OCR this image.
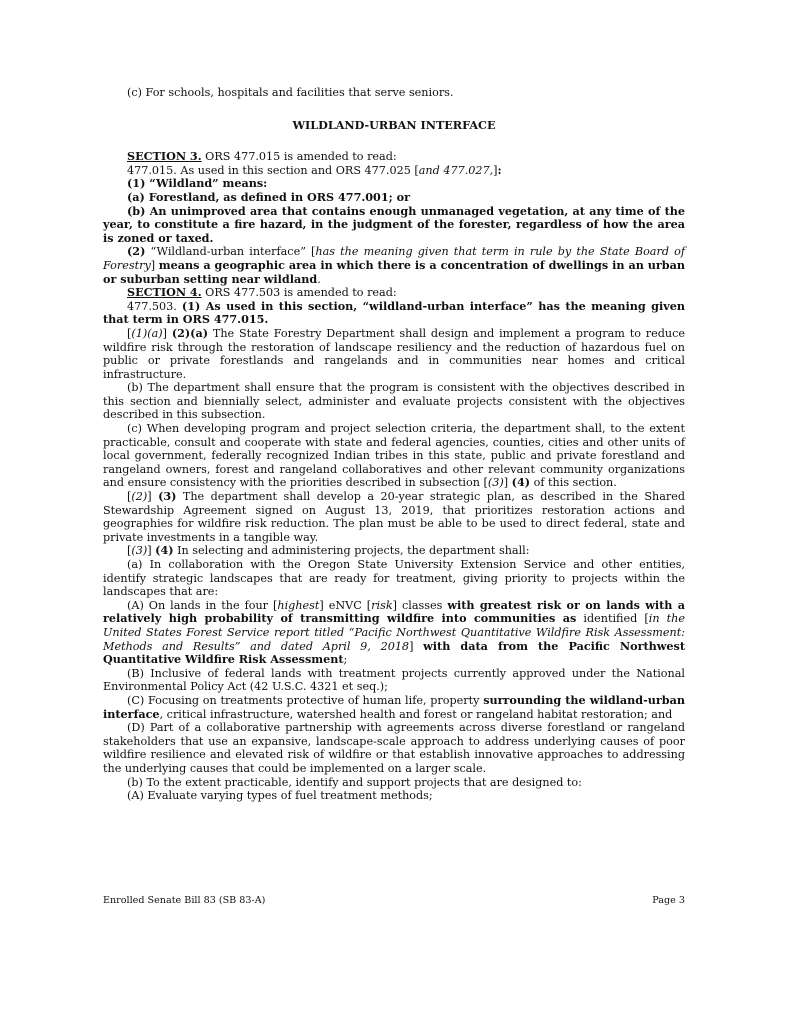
(c) For schools, hospitals and facilities that serve seniors.

WILDLAND-URBAN INTERFACE

SECTION 3. ORS 477.015 is amended to read:

477.015. As used in this section and ORS 477.025 [and 477.027,]:

(1) “Wildland” means:

(a) Forestland, as defined in ORS 477.001; or

(b) An unimproved area that contains enough unmanaged vegetation, at any time of the year, to constitute a fire hazard, in the judgment of the forester, regardless of how the area is zoned or taxed.

(2) “Wildland-urban interface” [has the meaning given that term in rule by the State Board of Forestry] means a geographic area in which there is a concentration of dwellings in an urban or suburban setting near wildland.

SECTION 4. ORS 477.503 is amended to read:

477.503. (1) As used in this section, “wildland-urban interface” has the meaning given that term in ORS 477.015.

[(1)(a)] (2)(a) The State Forestry Department shall design and implement a program to reduce wildfire risk through the restoration of landscape resiliency and the reduction of hazardous fuel on public or private forestlands and rangelands and in communities near homes and critical infrastructure.

(b) The department shall ensure that the program is consistent with the objectives described in this section and biennially select, administer and evaluate projects consistent with the objectives described in this subsection.

(c) When developing program and project selection criteria, the department shall, to the extent practicable, consult and cooperate with state and federal agencies, counties, cities and other units of local government, federally recognized Indian tribes in this state, public and private forestland and rangeland owners, forest and rangeland collaboratives and other relevant community organizations and ensure consistency with the priorities described in subsection [(3)] (4) of this section.

[(2)] (3) The department shall develop a 20-year strategic plan, as described in the Shared Stewardship Agreement signed on August 13, 2019, that prioritizes restoration actions and geographies for wildfire risk reduction. The plan must be able to be used to direct federal, state and private investments in a tangible way.

[(3)] (4) In selecting and administering projects, the department shall:

(a) In collaboration with the Oregon State University Extension Service and other entities, identify strategic landscapes that are ready for treatment, giving priority to projects within the landscapes that are:

(A) On lands in the four [highest] eNVC [risk] classes with greatest risk or on lands with a relatively high probability of transmitting wildfire into communities as identified [in the United States Forest Service report titled “Pacific Northwest Quantitative Wildfire Risk Assessment: Methods and Results” and dated April 9, 2018] with data from the Pacific Northwest Quantitative Wildfire Risk Assessment;

(B) Inclusive of federal lands with treatment projects currently approved under the National Environmental Policy Act (42 U.S.C. 4321 et seq.);

(C) Focusing on treatments protective of human life, property surrounding the wildland-urban interface, critical infrastructure, watershed health and forest or rangeland habitat restoration; and

(D) Part of a collaborative partnership with agreements across diverse forestland or rangeland stakeholders that use an expansive, landscape-scale approach to address underlying causes of poor wildfire resilience and elevated risk of wildfire or that establish innovative approaches to addressing the underlying causes that could be implemented on a larger scale.

(b) To the extent practicable, identify and support projects that are designed to:

(A) Evaluate varying types of fuel treatment methods;

Enrolled Senate Bill 83 (SB 83-A)	Page 3
